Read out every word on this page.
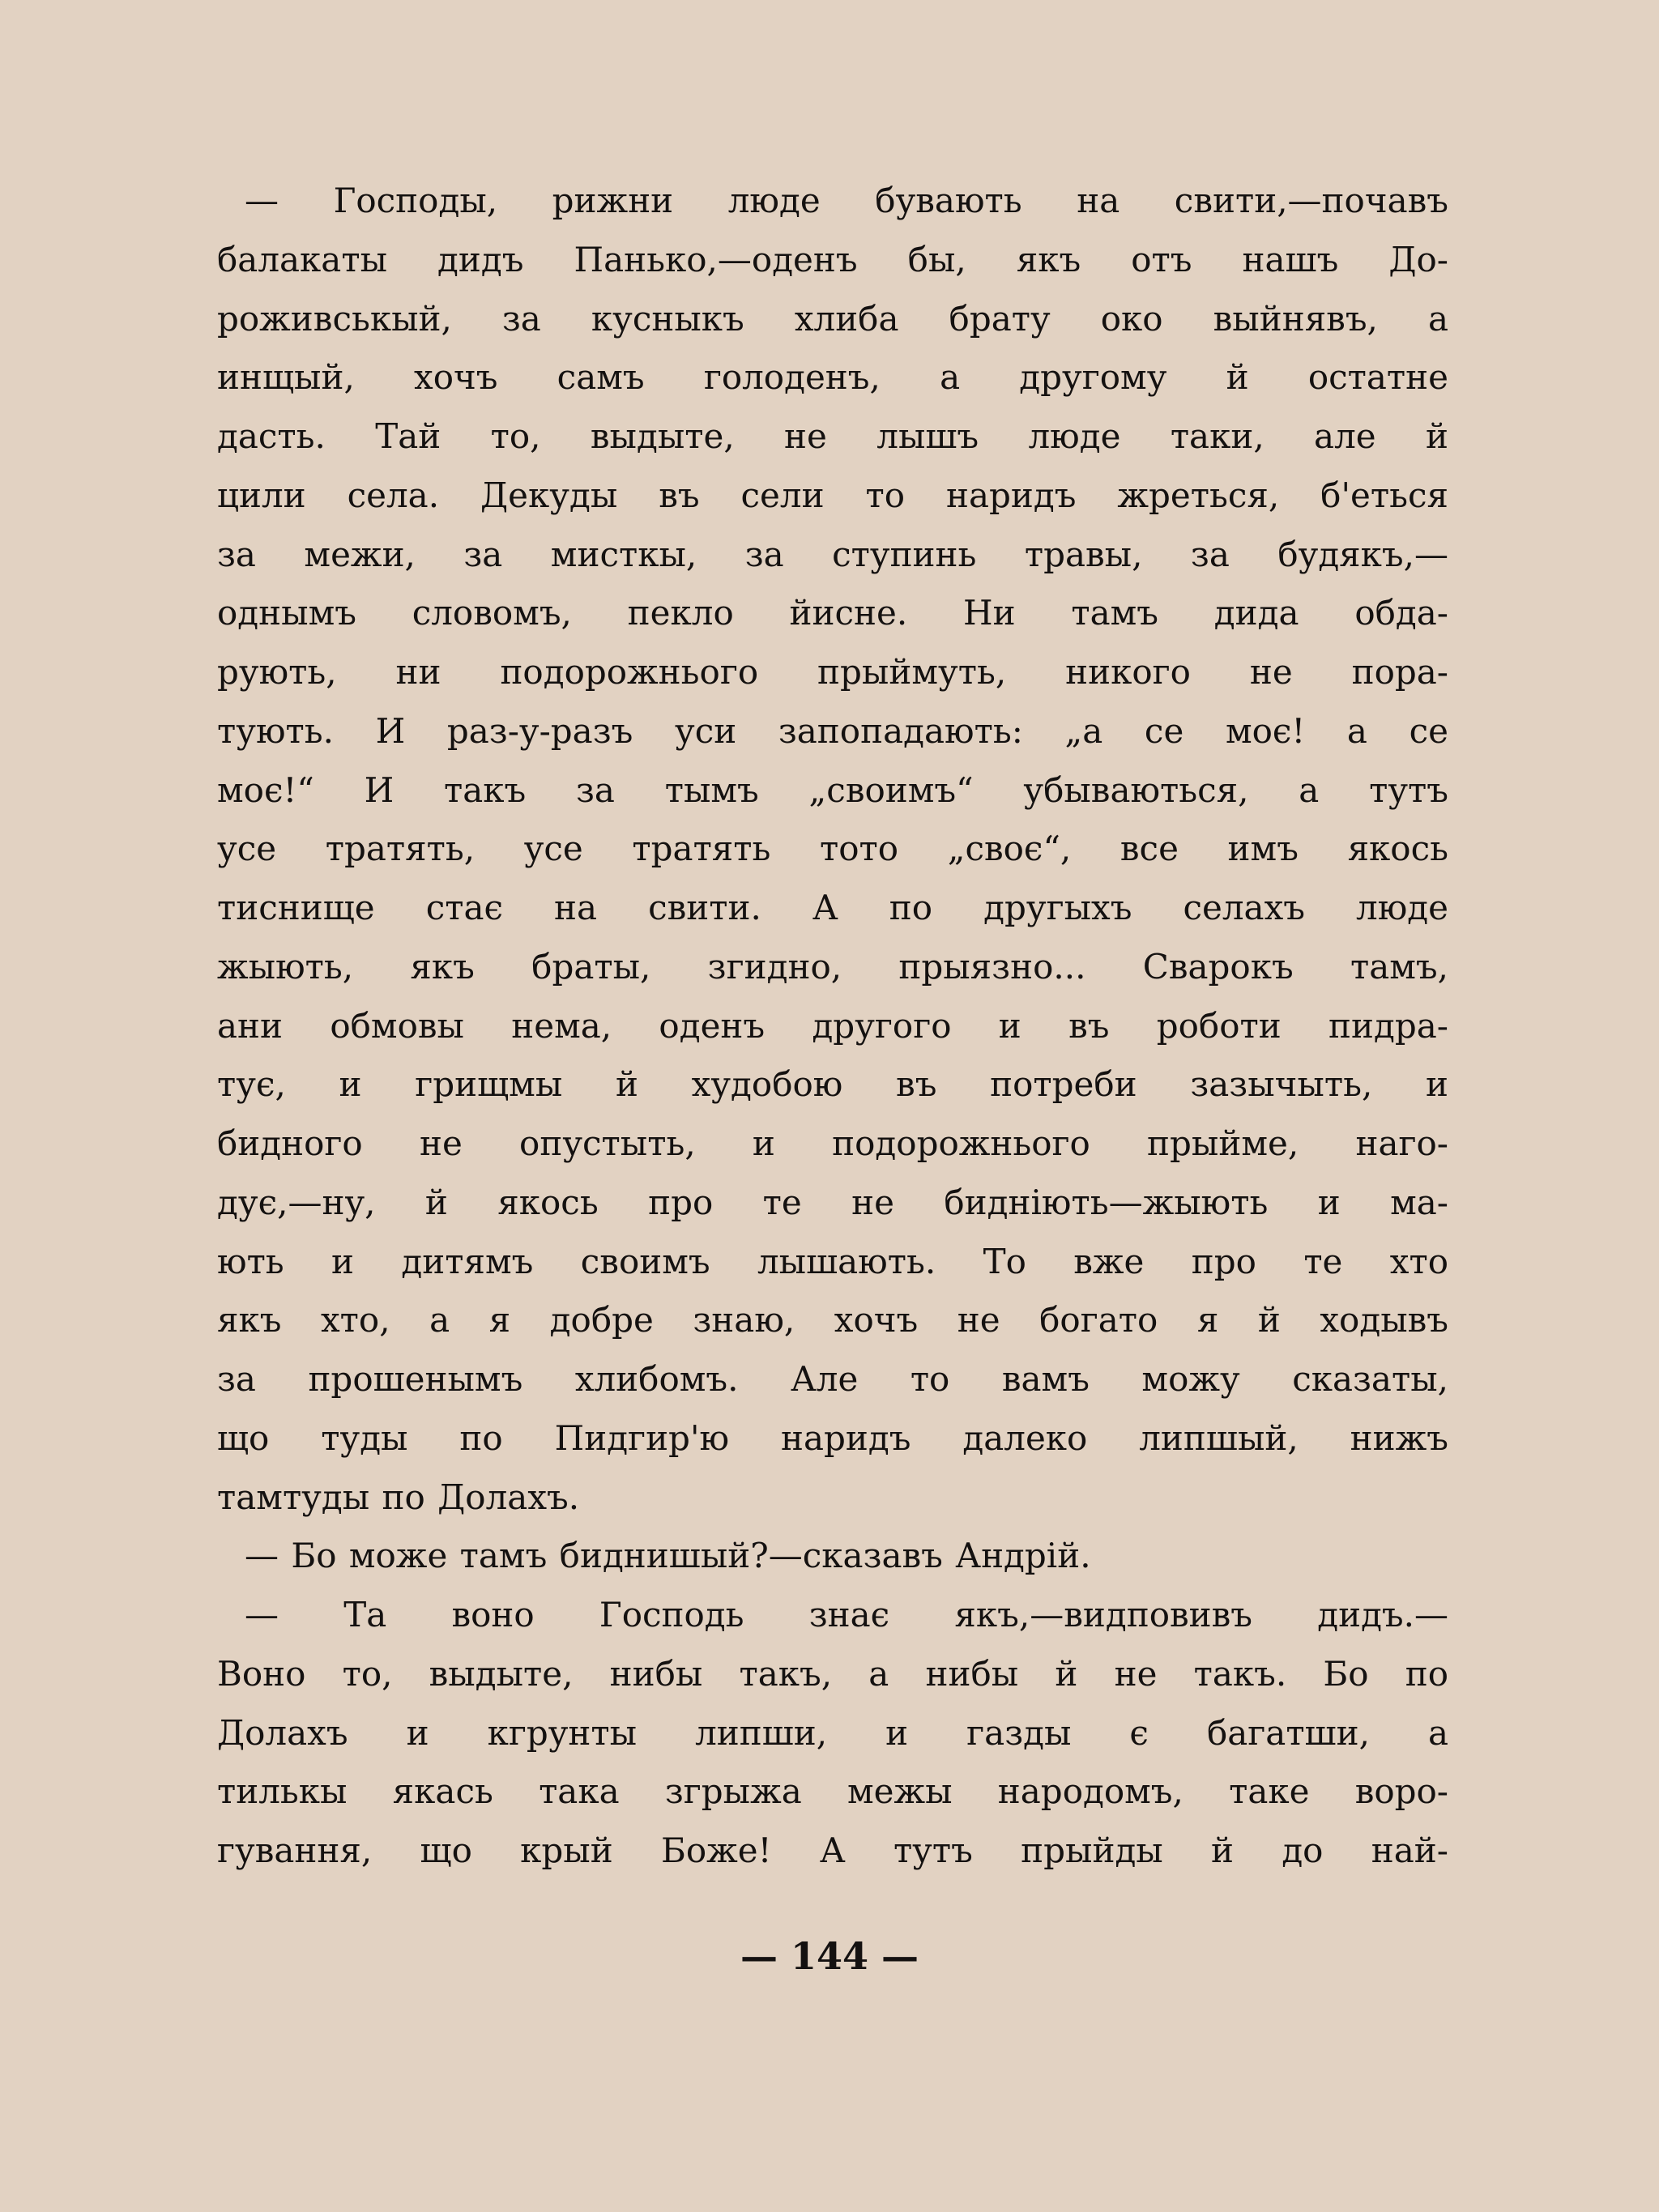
— Господы, рижни люде бувають на свити,—почавъ
балакаты дидъ Панько,—оденъ бы, якъ отъ нашъ До-
роживськый, за кусныкъ хлиба брату око выйнявъ, а
инщый, хочъ самъ голоденъ, а другому й остатне
дасть. Тай то, выдыте, не лышъ люде таки, але й
цили села. Декуды въ сели то наридъ жреться, б'еться
за межи, за мисткы, за ступинь травы, за будякъ,—
однымъ словомъ, пекло йисне. Ни тамъ дида обда-
рують, ни подорожнього прыймуть, никого не пора-
тують. И раз-у-разъ уси запопадають: „а се моє! а се
моє!“ И такъ за тымъ „своимъ“ убываються, а тутъ
усе тратять, усе тратять тото „своє“, все имъ якось
тиснище стає на свити. А по другыхъ селахъ люде
жыють, якъ браты, згидно, прыязно... Сварокъ тамъ,
ани обмовы нема, оденъ другого и въ роботи пидра-
тує, и грищмы й худобою въ потреби зазычыть, и
бидного не опустыть, и подорожнього прыйме, наго-
дує,—ну, й якось про те не биднiють—жыють и ма-
ють и дитямъ своимъ лышають. То вже про те хто
якъ хто, а я добре знаю, хочъ не богато я й ходывъ
за прошенымъ хлибомъ. Але то вамъ можу сказаты,
що туды по Пидгир'ю наридъ далеко липшый, нижъ
тамтуды по Долахъ.
— Бо може тамъ биднишый?—сказавъ Андрiй.
— Та воно Господь знає якъ,—видповивъ дидъ.—
Воно то, выдыте, нибы такъ, а нибы й не такъ. Бо по
Долахъ и кгрунты липши, и газды є багатши, а
тилькы якась така згрыжа межы народомъ, таке воро-
гування, що крый Боже! А тутъ прыйды й до най-
— 144 —
